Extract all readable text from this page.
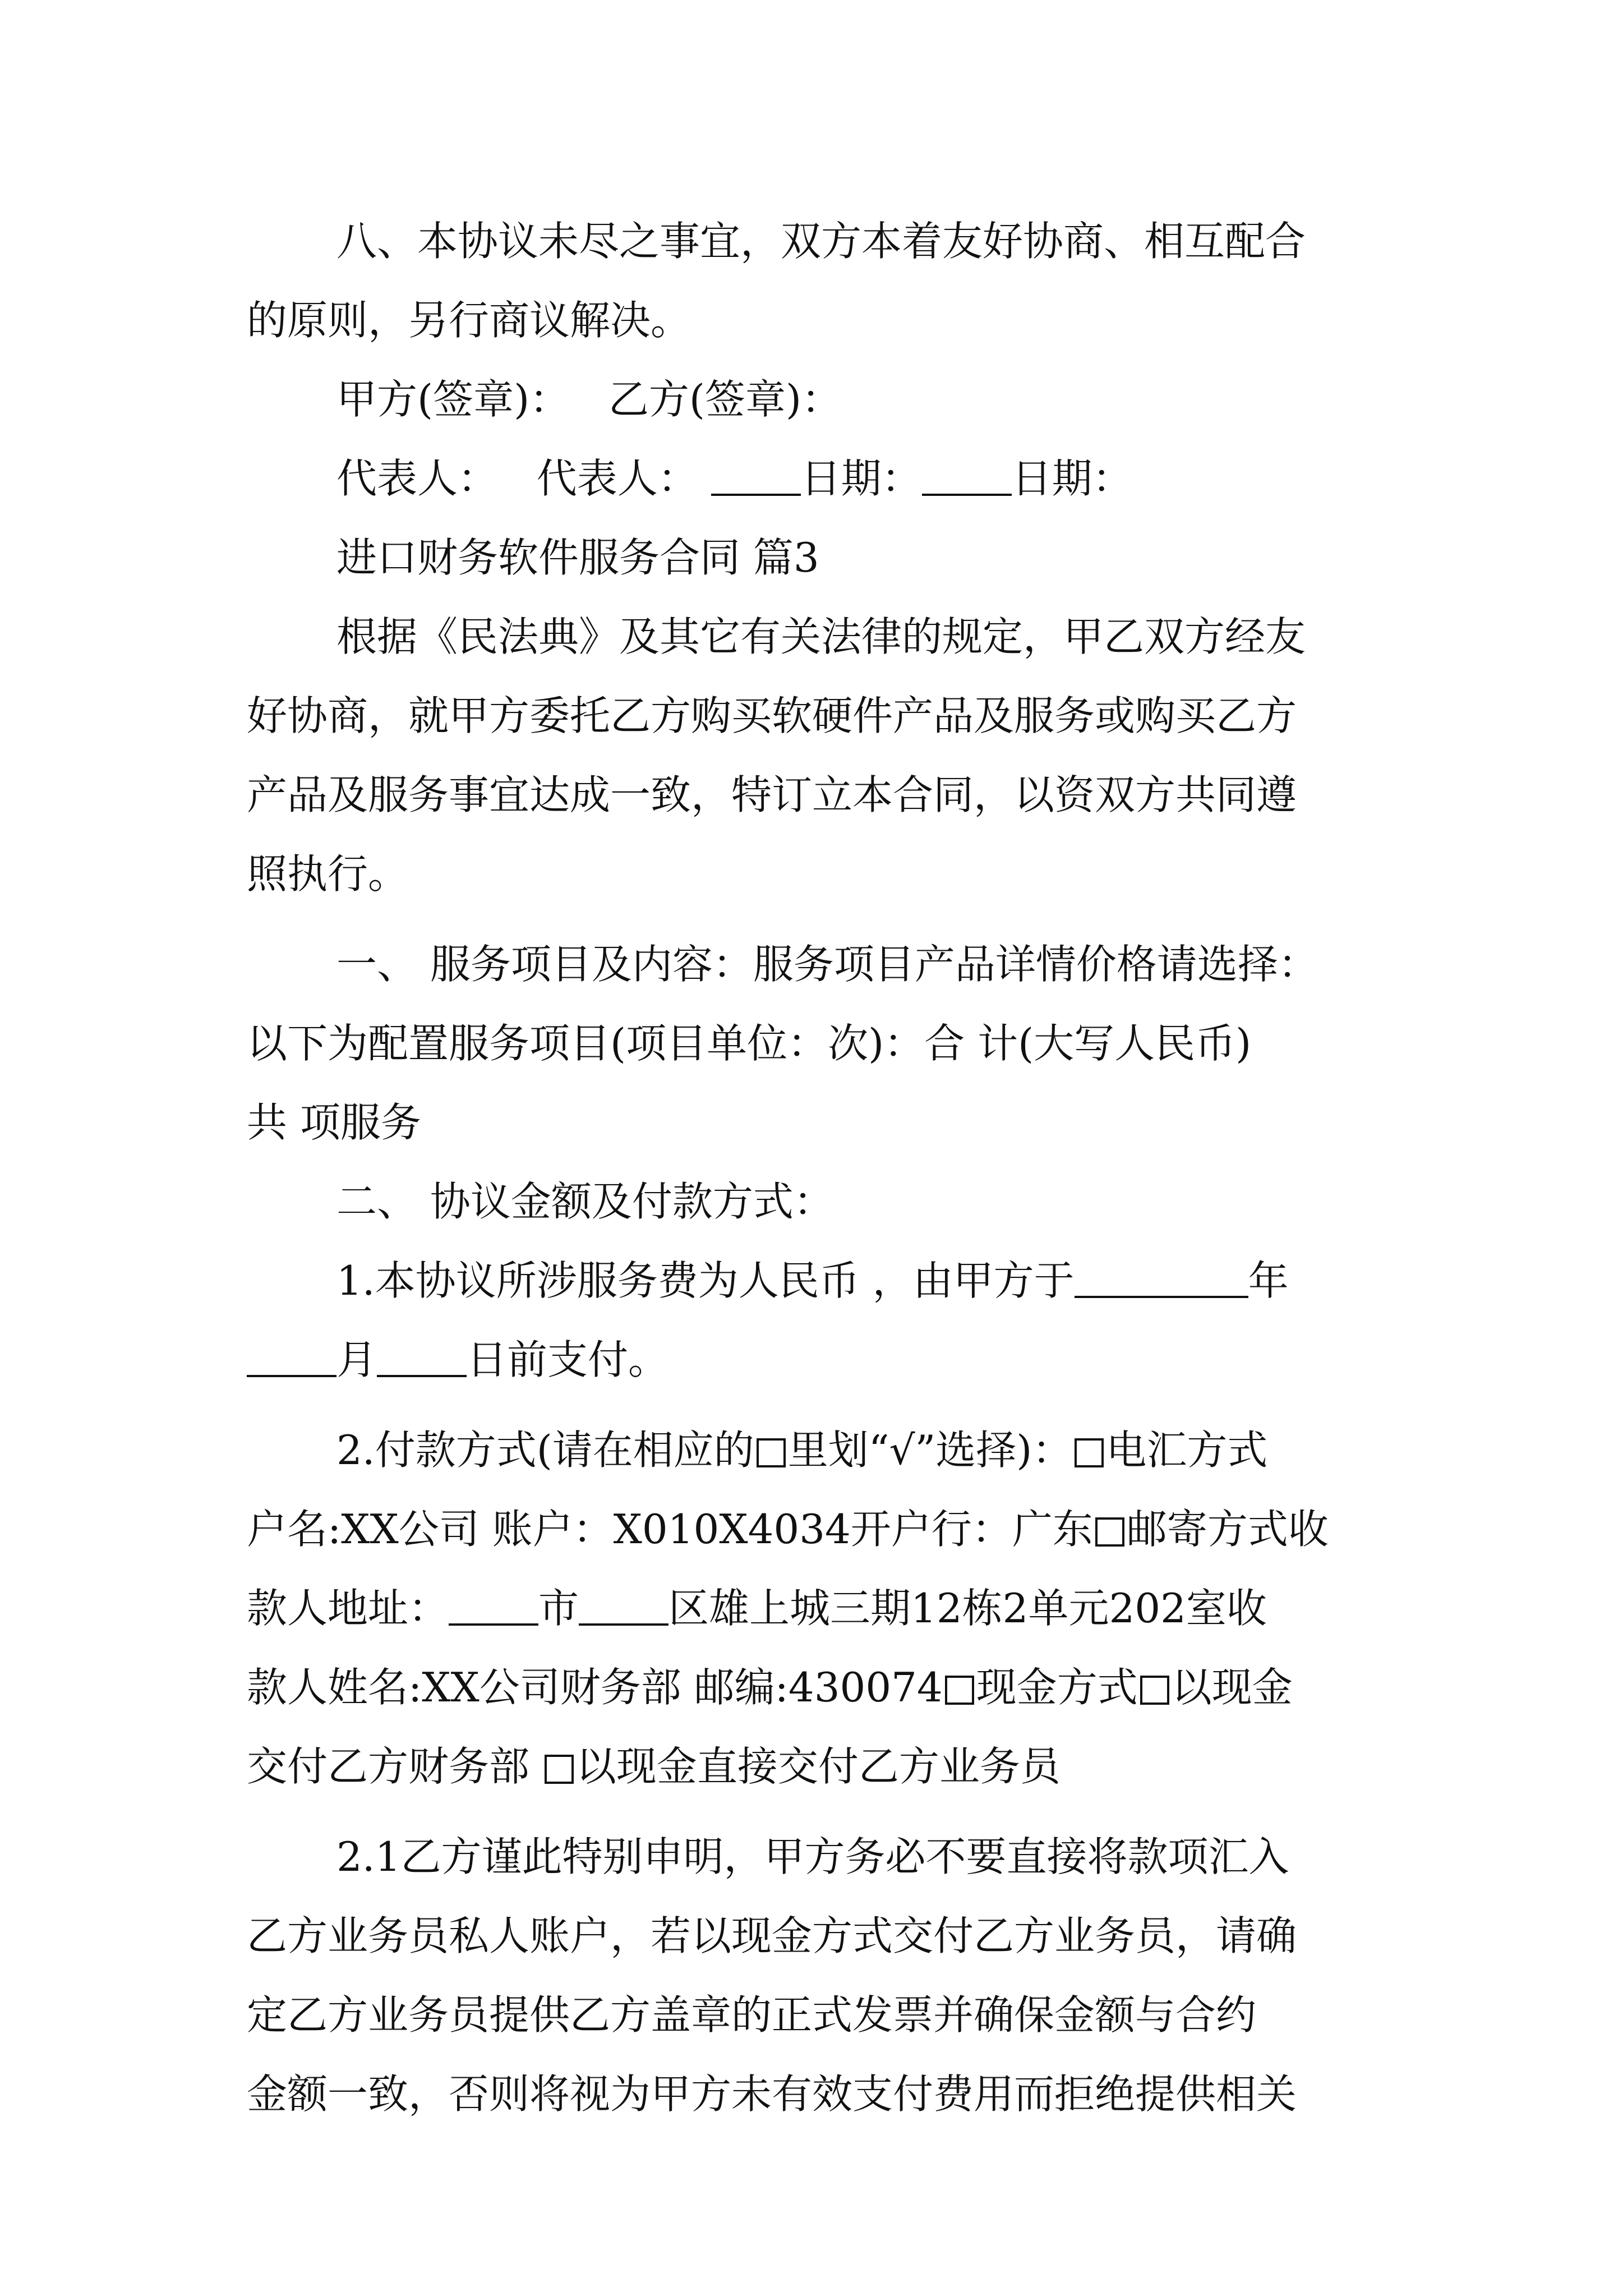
八、本协议未尽之事宜，双方本着友好协商、相互配合

的原则，另行商议解决。

甲方(签章)： 乙方(签章)：

代表人： 代表人：	日期： 日期：

进口财务软件服务合同 篇3

根据《民法典》及其它有关法律的规定，甲乙双方经友

好协商，就甲方委托乙方购买软硬件产品及服务或购买乙方

产品及服务事宜达成一致，特订立本合同，以资双方共同遵

照执行。

一、 服务项目及内容：服务项目产品详情价格请选择：

以下为配置服务项目(项目单位：次)：合 计(大写人民币)

共 项服务

二、 协议金额及付款方式：

1.本协议所涉服务费为人民币 ，由甲方于	年

月 日前支付。

2.付款方式(请在相应的 里划“√”选择)： 电汇方式

户名:XX公司 账户：X010X4034开户行：广东 邮寄方式收

款人地址： 市 区雄上城三期12栋2单元202室收

款人姓名:XX公司财务部 邮编:430074 现金方式 以现金

交付乙方财务部 以现金直接交付乙方业务员

2.1乙方谨此特别申明，甲方务必不要直接将款项汇入

乙方业务员私人账户，若以现金方式交付乙方业务员，请确

定乙方业务员提供乙方盖章的正式发票并确保金额与合约

金额一致，否则将视为甲方未有效支付费用而拒绝提供相关
